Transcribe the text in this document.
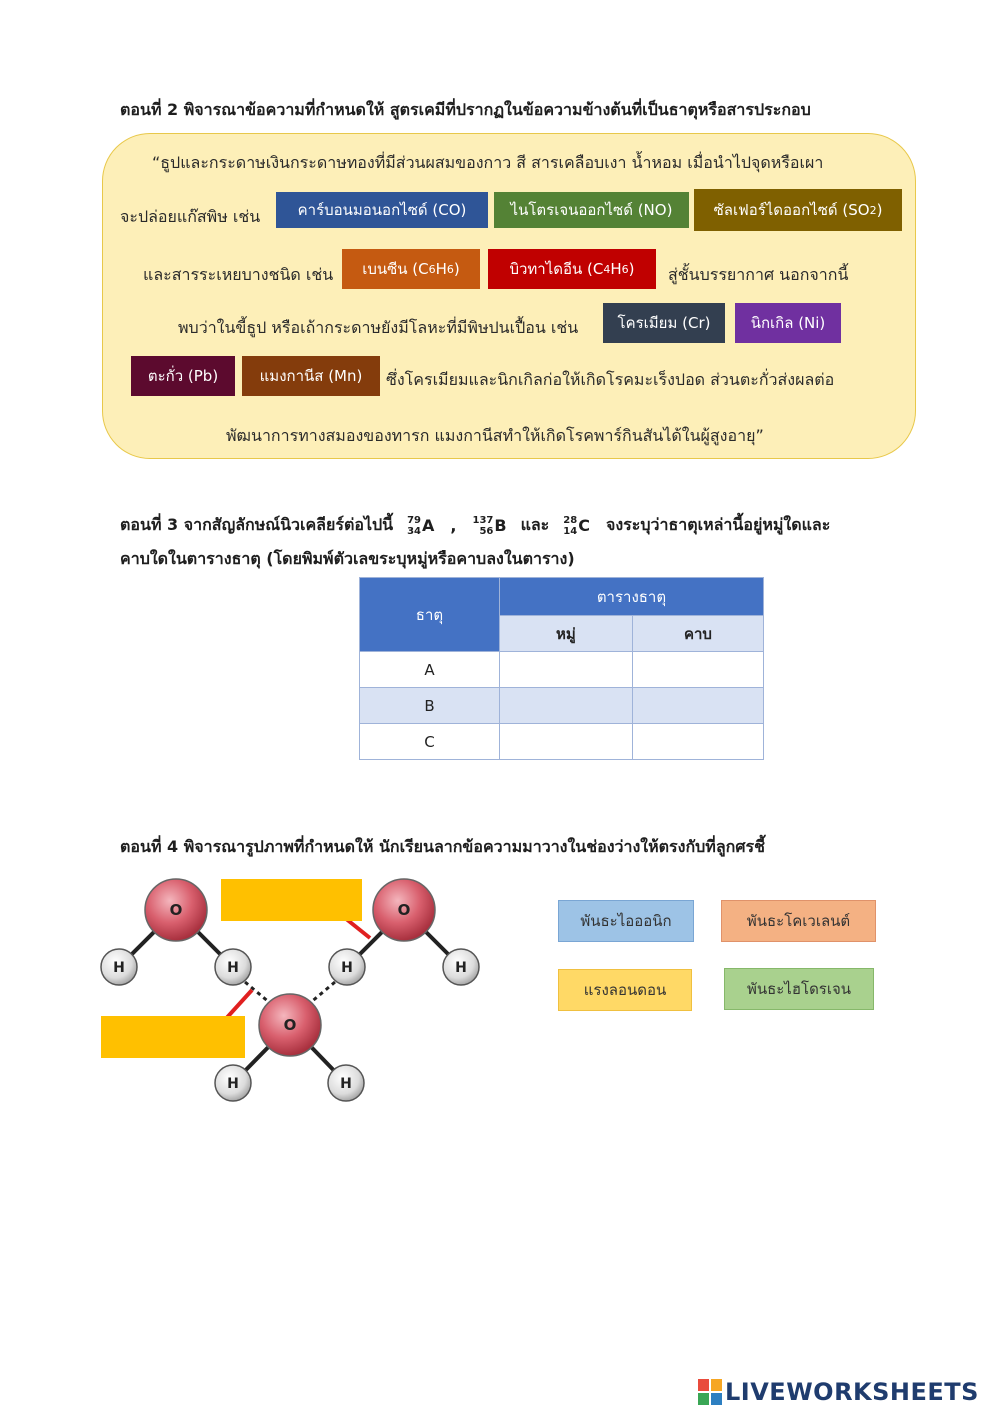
ตอนที่ 2 พิจารณาข้อความที่กำหนดให้ สูตรเคมีที่ปรากฏในข้อความข้างต้นที่เป็นธาตุหรือสารประกอบ
“ธูปและกระดาษเงินกระดาษทองที่มีส่วนผสมของกาว สี สารเคลือบเงา น้ำหอม เมื่อนำไปจุดหรือเผา
จะปล่อยแก๊สพิษ เช่น	คาร์บอนมอนอกไซด์ (CO)	ไนโตรเจนออกไซด์ (NO)	ซัลเฟอร์ไดออกไซด์ (SO 2 )
และสารระเหยบางชนิด เช่น เบนซีน (C 6 H 6 )	บิวทาไดอีน (C 4 H 6 ) สู่ชั้นบรรยากาศ นอกจากนี้
พบว่าในขี้ธูป หรือเถ้ากระดาษยังมีโลหะที่มีพิษปนเปื้อน เช่น	โครเมียม (Cr)	นิกเกิล (Ni)
ตะกั่ว (Pb)	แมงกานีส (Mn)	ซึ่งโครเมียมและนิกเกิลก่อให้เกิดโรคมะเร็งปอด ส่วนตะกั่วส่งผลต่อ
พัฒนาการทางสมองของทารก แมงกานีสทำให้เกิดโรคพาร์กินสันได้ในผู้สูงอายุ”
ตอนที่ 3 จากสัญลักษณ์นิวเคลียร์ต่อไปนี้ 79
34 A , 137
56 B และ 28
14 C จงระบุว่าธาตุเหล่านี้อยู่หมู่ใดและ
คาบใดในตารางธาตุ (โดยพิมพ์ตัวเลขระบุหมู่หรือคาบลงในตาราง)
ธาตุ	ตารางธาตุ	
	หมู่	คาบ
A		
B		
C		
ตอนที่ 4 พิจารณารูปภาพที่กำหนดให้ นักเรียนลากข้อความมาวางในช่องว่างให้ตรงกับที่ลูกศรชี้
O	O
O
H	H	H	H
H	H
พันธะไอออนิก	พันธะโคเวเลนต์
แรงลอนดอน	พันธะไฮโดรเจน
LIVEWORKSHEETS
